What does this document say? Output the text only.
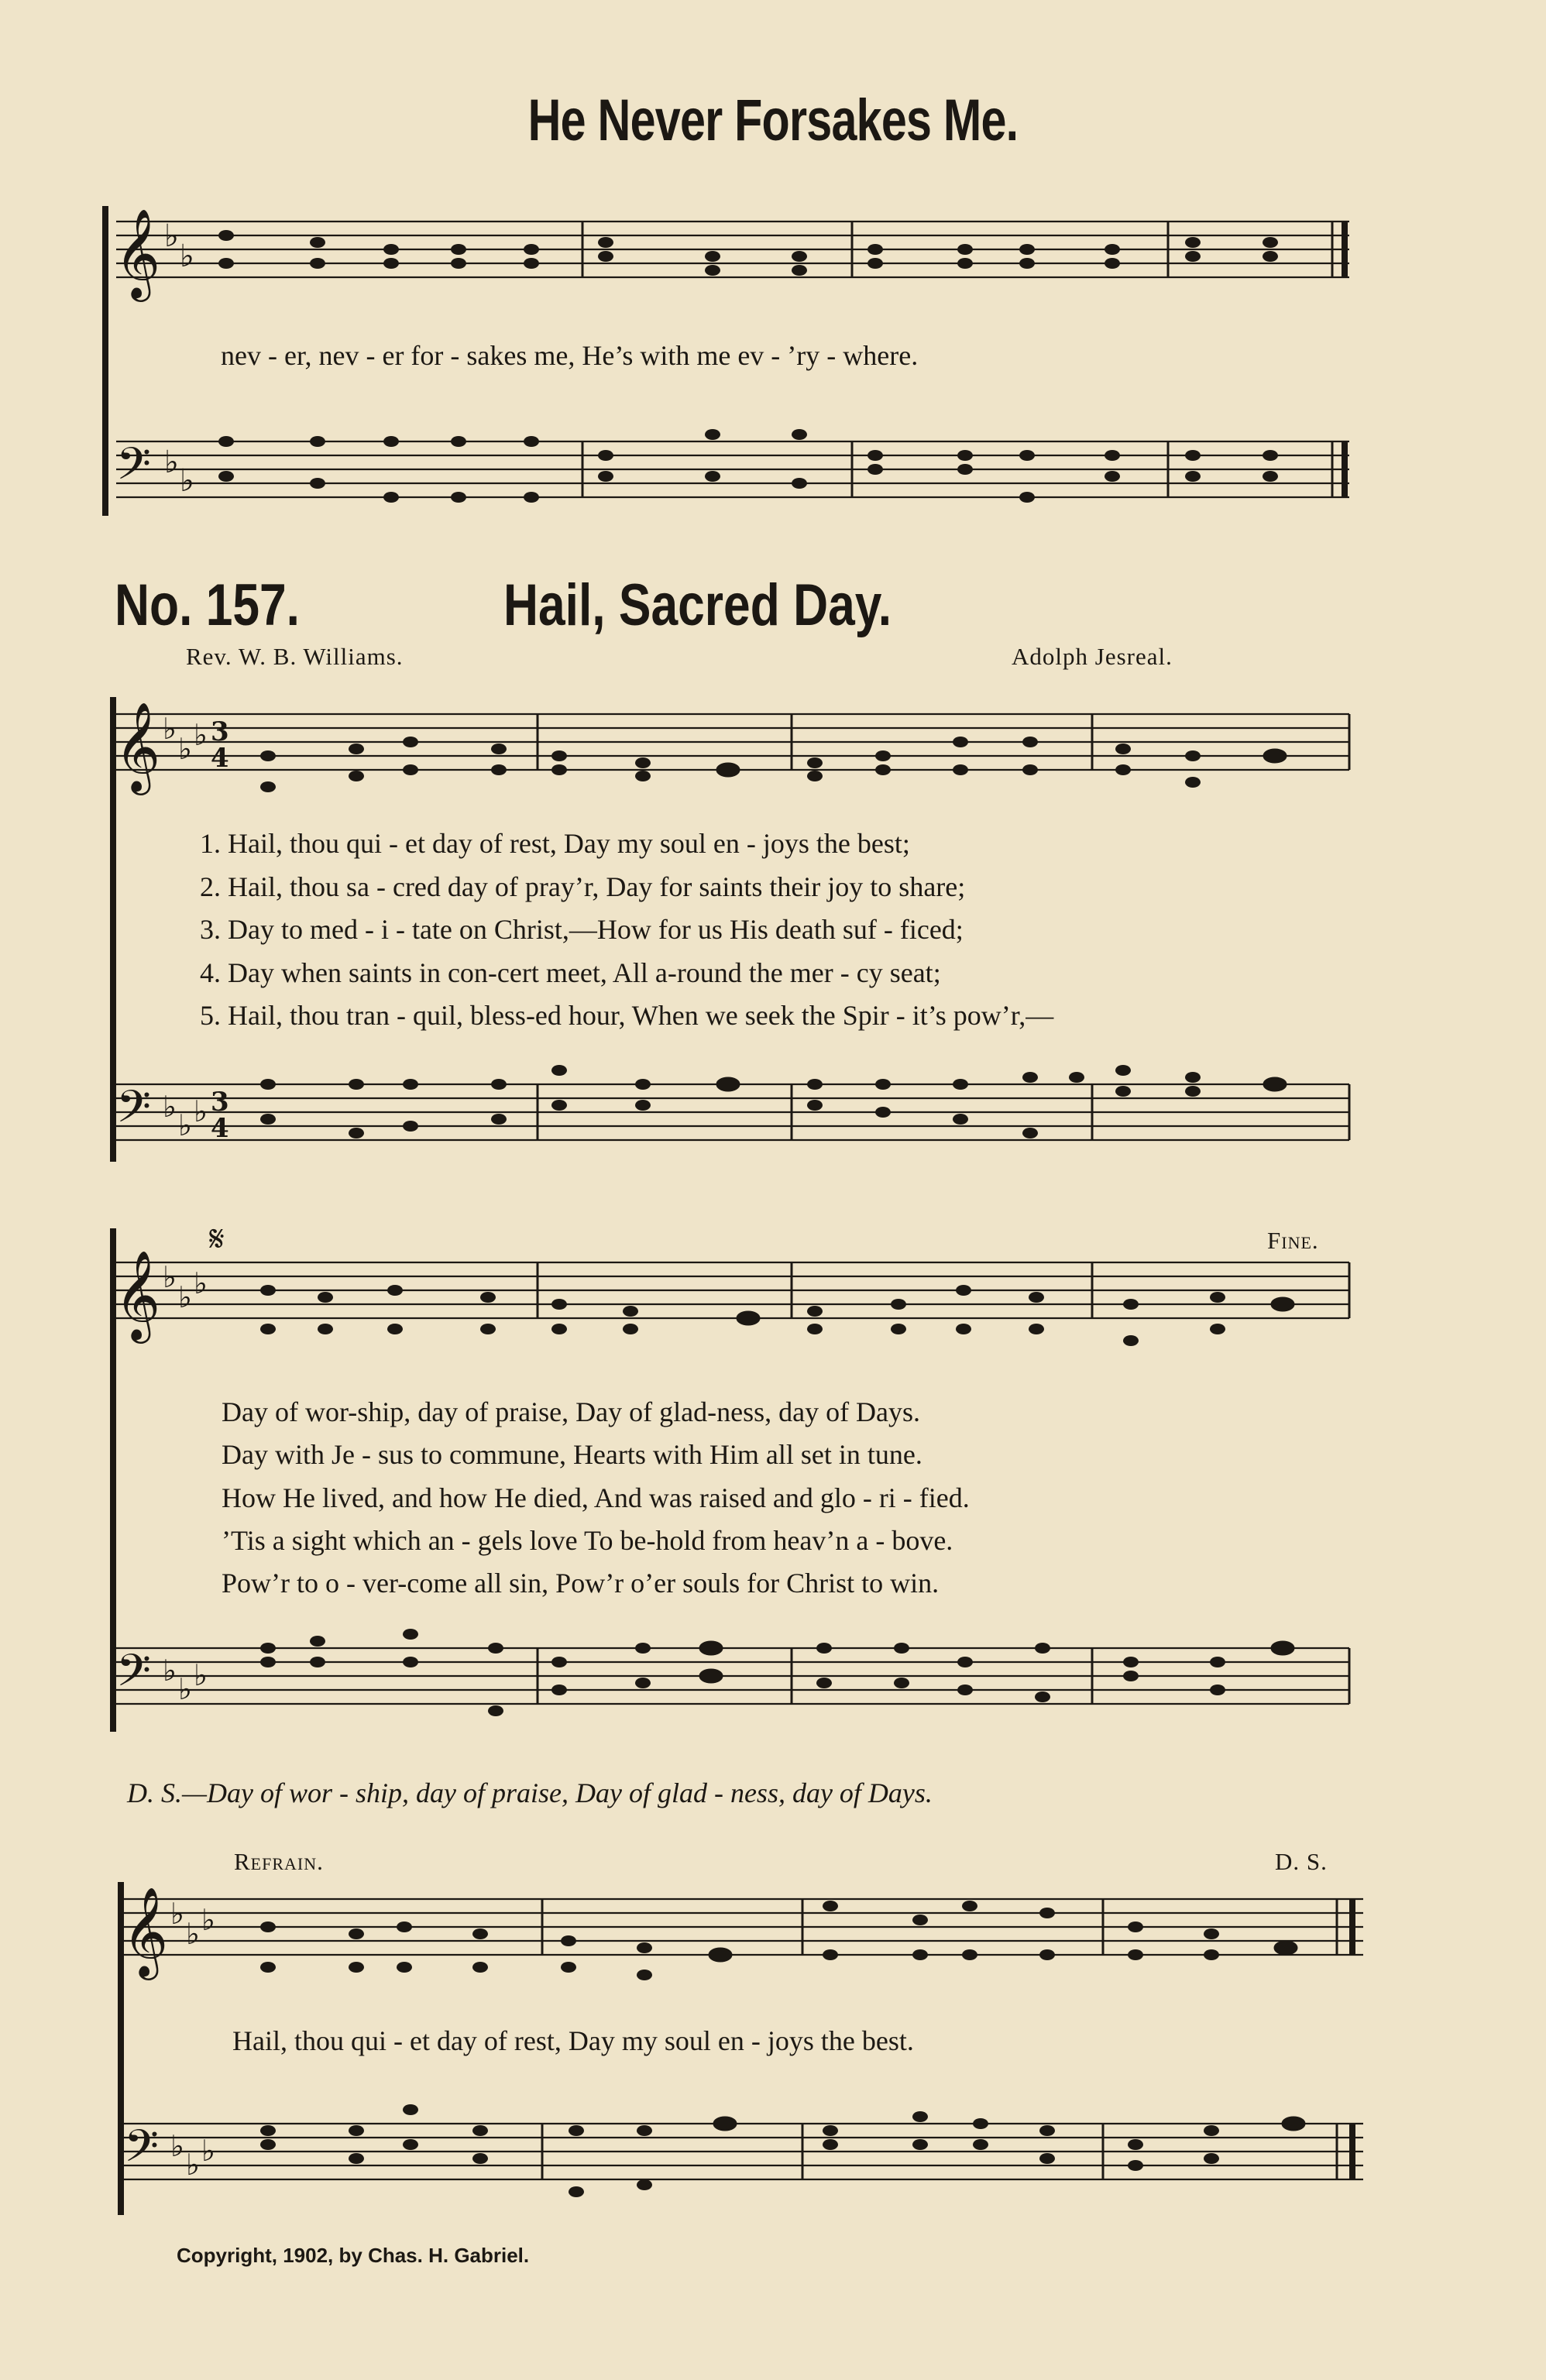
He Never Forsakes Me.
𝄞 ♭
♭
nev - er, nev - er for - sakes me, He’s with me ev - ’ry - where.
𝄢 ♭
♭
No. 157.	Hail, Sacred Day.
Rev. W. B. Williams.	Adolph Jesreal.
𝄞 ♭
♭ ♭ 3
4
1. Hail, thou qui - et day of rest, Day my soul en - joys the best;
2. Hail, thou sa - cred day of pray’r, Day for saints their joy to share;
3. Day to med - i - tate on Christ,—How for us His death suf - ficed;
4. Day when saints in con-cert meet, All a-round the mer - cy seat;
5. Hail, thou tran - quil, bless-ed hour, When we seek the Spir - it’s pow’r,—
𝄢 ♭
♭ ♭ 3
4
𝄞 ♭
♭ ♭
𝄋	Fine.
Day of wor-ship, day of praise, Day of glad-ness, day of Days.
Day with Je - sus to commune, Hearts with Him all set in tune.
How He lived, and how He died, And was raised and glo - ri - fied.
’Tis a sight which an - gels love To be-hold from heav’n a - bove.
Pow’r to o - ver-come all sin, Pow’r o’er souls for Christ to win.
𝄢 ♭
♭ ♭
D. S.—Day of wor - ship, day of praise, Day of glad - ness, day of Days.
Refrain.	D. S.
𝄞 ♭
♭ ♭
Hail, thou qui - et day of rest, Day my soul en - joys the best.
𝄢 ♭
♭ ♭
Copyright, 1902, by Chas. H. Gabriel.
